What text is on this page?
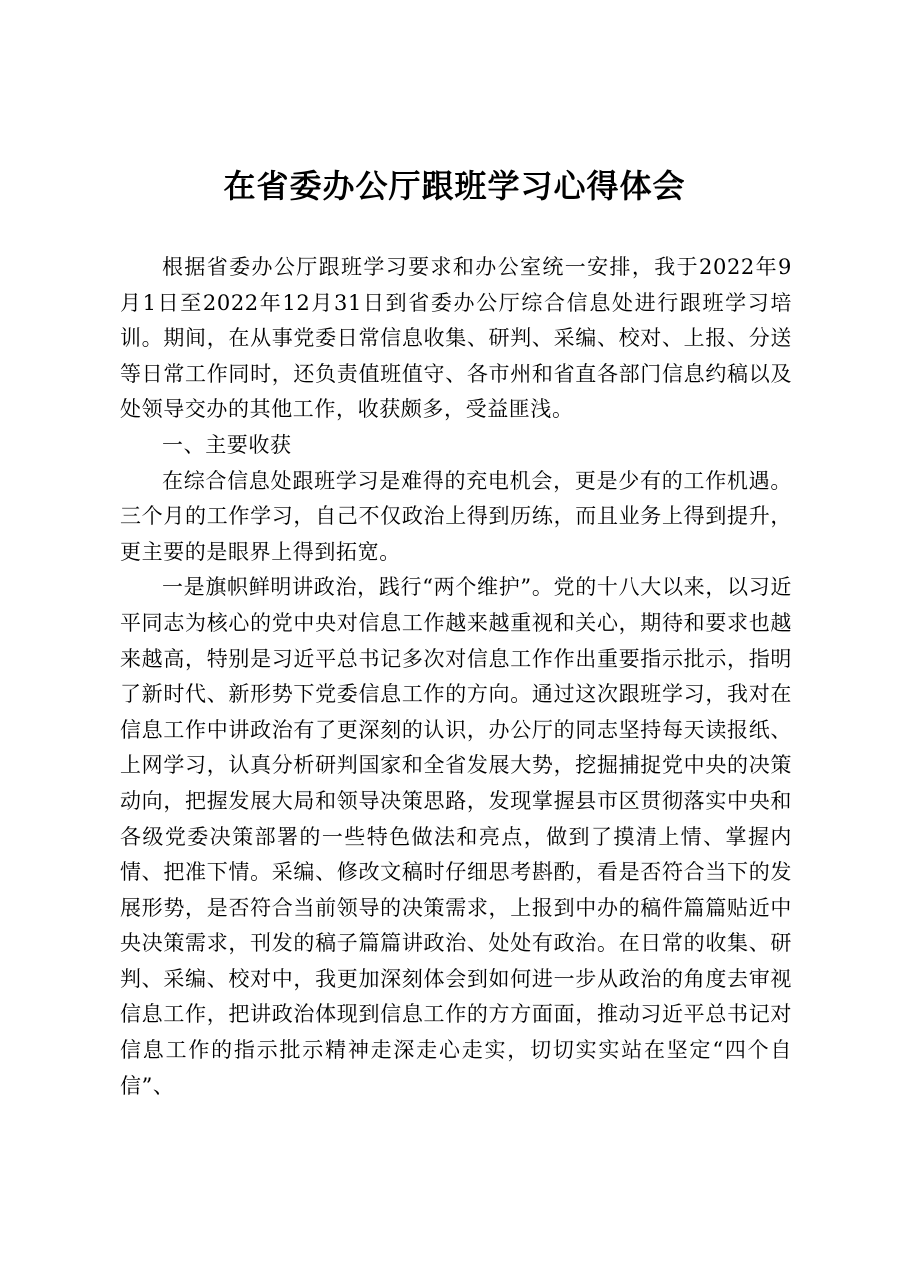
在省委办公厅跟班学习心得体会

根据省委办公厅跟班学习要求和办公室统一安排，我于2022年9月1日至2022年12月31日到省委办公厅综合信息处进行跟班学习培训。期间，在从事党委日常信息收集、研判、采编、校对、上报、分送等日常工作同时，还负责值班值守、各市州和省直各部门信息约稿以及处领导交办的其他工作，收获颇多，受益匪浅。

一、主要收获

在综合信息处跟班学习是难得的充电机会，更是少有的工作机遇。三个月的工作学习，自己不仅政治上得到历练，而且业务上得到提升，更主要的是眼界上得到拓宽。

一是旗帜鲜明讲政治，践行“两个维护”。党的十八大以来，以习近平同志为核心的党中央对信息工作越来越重视和关心，期待和要求也越来越高，特别是习近平总书记多次对信息工作作出重要指示批示，指明了新时代、新形势下党委信息工作的方向。通过这次跟班学习，我对在信息工作中讲政治有了更深刻的认识，办公厅的同志坚持每天读报纸、上网学习，认真分析研判国家和全省发展大势，挖掘捕捉党中央的决策动向，把握发展大局和领导决策思路，发现掌握县市区贯彻落实中央和各级党委决策部署的一些特色做法和亮点，做到了摸清上情、掌握内情、把准下情。采编、修改文稿时仔细思考斟酌，看是否符合当下的发展形势，是否符合当前领导的决策需求，上报到中办的稿件篇篇贴近中央决策需求，刊发的稿子篇篇讲政治、处处有政治。在日常的收集、研判、采编、校对中，我更加深刻体会到如何进一步从政治的角度去审视信息工作，把讲政治体现到信息工作的方方面面，推动习近平总书记对信息工作的指示批示精神走深走心走实，切切实实站在坚定“四个自信”、
